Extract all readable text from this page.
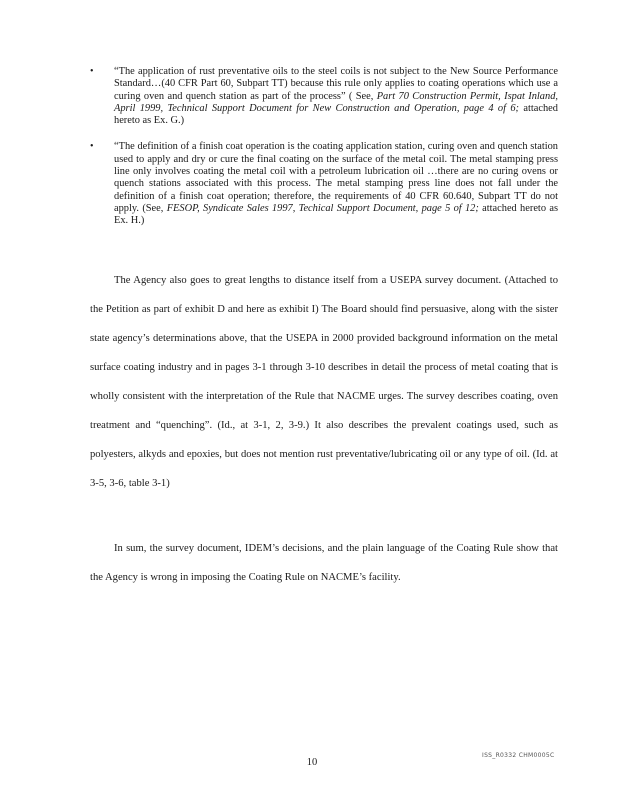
• “The application of rust preventative oils to the steel coils is not subject to the New Source Performance Standard…(40 CFR Part 60, Subpart TT) because this rule only applies to coating operations which use a curing oven and quench station as part of the process” ( See, Part 70 Construction Permit, Ispat Inland, April 1999, Technical Support Document for New Construction and Operation, page 4 of 6; attached hereto as Ex. G.)
• “The definition of a finish coat operation is the coating application station, curing oven and quench station used to apply and dry or cure the final coating on the surface of the metal coil. The metal stamping press line only involves coating the metal coil with a petroleum lubrication oil …there are no curing ovens or quench stations associated with this process. The metal stamping press line does not fall under the definition of a finish coat operation; therefore, the requirements of 40 CFR 60.640, Subpart TT do not apply. (See, FESOP, Syndicate Sales 1997, Techical Support Document, page 5 of 12; attached hereto as Ex. H.)

The Agency also goes to great lengths to distance itself from a USEPA survey document. (Attached to the Petition as part of exhibit D and here as exhibit I) The Board should find persuasive, along with the sister state agency’s determinations above, that the USEPA in 2000 provided background information on the metal surface coating industry and in pages 3-1 through 3-10 describes in detail the process of metal coating that is wholly consistent with the interpretation of the Rule that NACME urges. The survey describes coating, oven treatment and “quenching”. (Id., at 3-1, 2, 3-9.) It also describes the prevalent coatings used, such as polyesters, alkyds and epoxies, but does not mention rust preventative/lubricating oil or any type of oil. (Id. at 3-5, 3-6, table 3-1)

In sum, the survey document, IDEM’s decisions, and the plain language of the Coating Rule show that the Agency is wrong in imposing the Coating Rule on NACME’s facility.

10
ISS_R0332 CHM0005C
